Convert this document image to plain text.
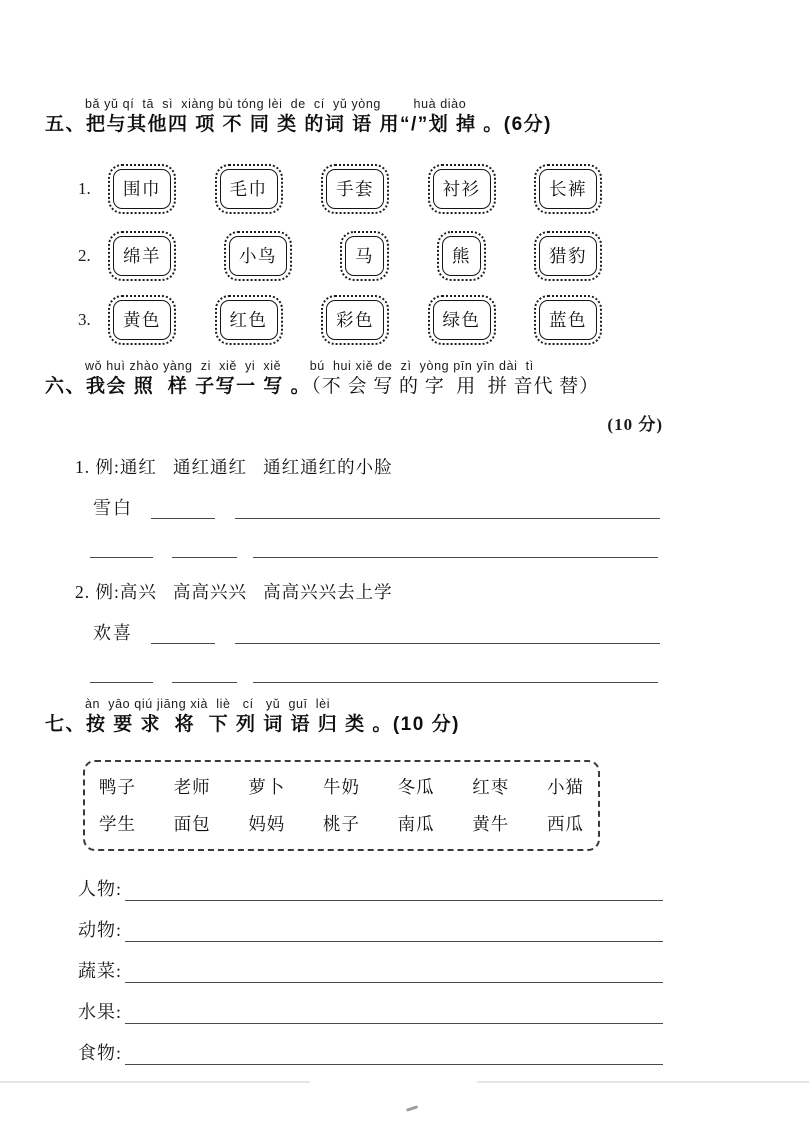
bǎ yǔ qí  tā  sì  xiàng bù tóng lèi  de  cí  yǔ yòng        huà diào
五、把与其他四 项 不 同 类 的词 语 用“/”划 掉 。(6分)
1.	围巾	毛巾	手套	衬衫	长裤
2.	绵羊	小鸟	马	熊	猎豹
3.	黄色	红色	彩色	绿色	蓝色
wǒ huì zhào yàng  zi  xiě  yi  xiě       bú  hui xiě de  zì  yòng pīn yīn dài  tì
六、我会 照  样 子写一 写 。（不 会 写 的 字  用  拼 音代 替）
(10 分)
1. 例:通红   通红通红   通红通红的小脸
雪白
2. 例:高兴   高高兴兴   高高兴兴去上学
欢喜
àn  yāo qiú jiāng xià  liè   cí   yǔ  guī  lèi
七、按 要 求  将  下 列 词 语 归 类 。(10 分)
鸭子 老师 萝卜 牛奶 冬瓜 红枣 小猫
学生 面包 妈妈 桃子 南瓜 黄牛 西瓜
人物:
动物:
蔬菜:
水果:
食物:
